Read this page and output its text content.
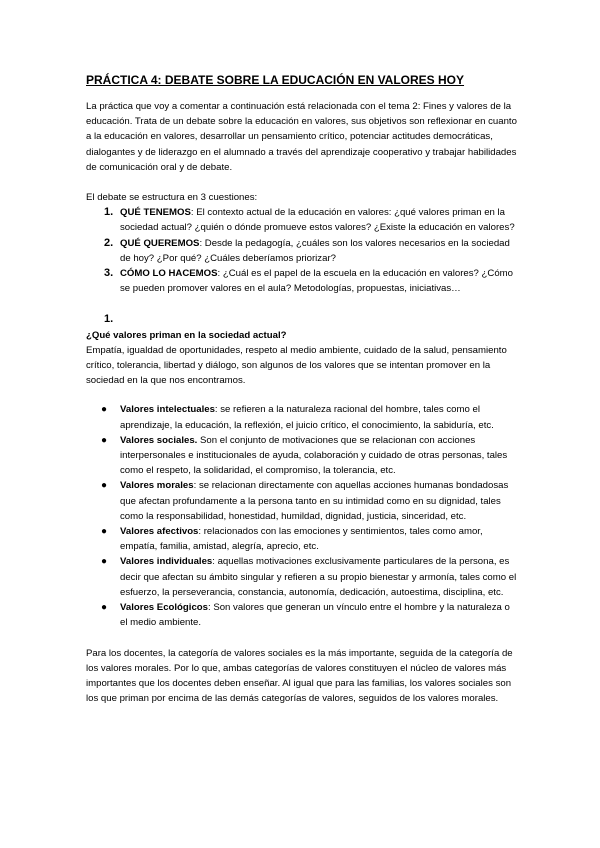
PRÁCTICA 4: DEBATE SOBRE LA EDUCACIÓN EN VALORES HOY

La práctica que voy a comentar a continuación está relacionada con el tema 2: Fines y valores de la educación. Trata de un debate sobre la educación en valores, sus objetivos son reflexionar en cuanto a la educación en valores, desarrollar un pensamiento crítico, potenciar actitudes democráticas, dialogantes y de liderazgo en el alumnado a través del aprendizaje cooperativo y trabajar habilidades de comunicación oral y de debate.

El debate se estructura en 3 cuestiones:

1. QUÉ TENEMOS: El contexto actual de la educación en valores: ¿qué valores priman en la sociedad actual? ¿quién o dónde promueve estos valores? ¿Existe la educación en valores?
2. QUÉ QUEREMOS: Desde la pedagogía, ¿cuáles son los valores necesarios en la sociedad de hoy? ¿Por qué? ¿Cuáles deberíamos priorizar?
3. CÓMO LO HACEMOS: ¿Cuál es el papel de la escuela en la educación en valores? ¿Cómo se pueden promover valores en el aula? Metodologías, propuestas, iniciativas…
1.

¿Qué valores priman en la sociedad actual?

Empatía, igualdad de oportunidades, respeto al medio ambiente, cuidado de la salud, pensamiento crítico, tolerancia, libertad y diálogo, son algunos de los valores que se intentan promover en la sociedad en la que nos encontramos.

● Valores intelectuales: se refieren a la naturaleza racional del hombre, tales como el aprendizaje, la educación, la reflexión, el juicio crítico, el conocimiento, la sabiduría, etc.
● Valores sociales. Son el conjunto de motivaciones que se relacionan con acciones interpersonales e institucionales de ayuda, colaboración y cuidado de otras personas, tales como el respeto, la solidaridad, el compromiso, la tolerancia, etc.
● Valores morales: se relacionan directamente con aquellas acciones humanas bondadosas que afectan profundamente a la persona tanto en su intimidad como en su dignidad, tales como la responsabilidad, honestidad, humildad, dignidad, justicia, sinceridad, etc.
● Valores afectivos: relacionados con las emociones y sentimientos, tales como amor, empatía, familia, amistad, alegría, aprecio, etc.
● Valores individuales: aquellas motivaciones exclusivamente particulares de la persona, es decir que afectan su ámbito singular y refieren a su propio bienestar y armonía, tales como el esfuerzo, la perseverancia, constancia, autonomía, dedicación, autoestima, disciplina, etc.
● Valores Ecológicos: Son valores que generan un vínculo entre el hombre y la naturaleza o el medio ambiente.

Para los docentes, la categoría de valores sociales es la más importante, seguida de la categoría de los valores morales. Por lo que, ambas categorías de valores constituyen el núcleo de valores más importantes que los docentes deben enseñar. Al igual que para las familias, los valores sociales son los que priman por encima de las demás categorías de valores, seguidos de los valores morales.
